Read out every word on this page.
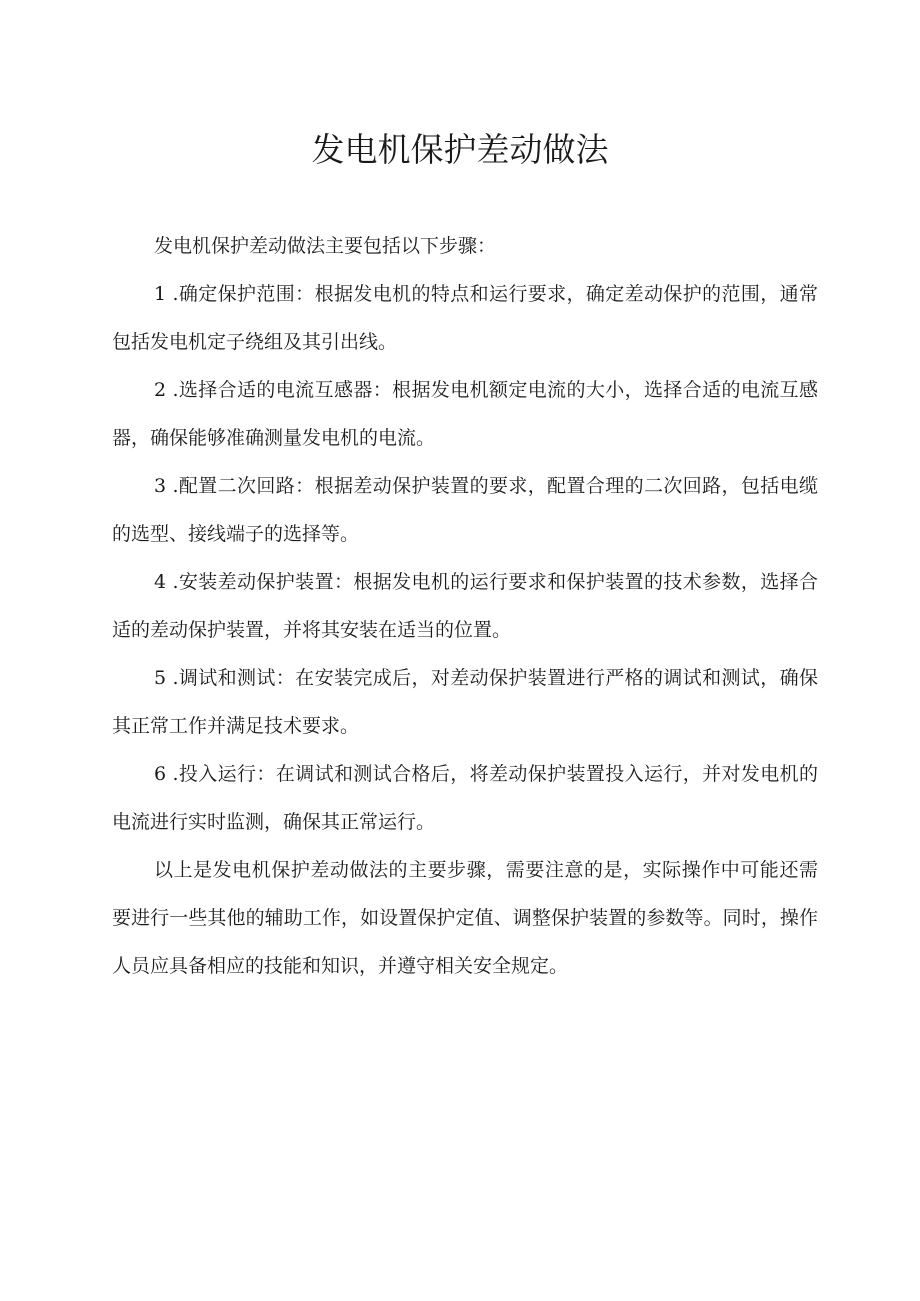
发电机保护差动做法

发电机保护差动做法主要包括以下步骤：

1 .确定保护范围：根据发电机的特点和运行要求，确定差动保护的范围，通常包括发电机定子绕组及其引出线。

2 .选择合适的电流互感器：根据发电机额定电流的大小，选择合适的电流互感器，确保能够准确测量发电机的电流。

3 .配置二次回路：根据差动保护装置的要求，配置合理的二次回路，包括电缆的选型、接线端子的选择等。

4 .安装差动保护装置：根据发电机的运行要求和保护装置的技术参数，选择合适的差动保护装置，并将其安装在适当的位置。

5 .调试和测试：在安装完成后，对差动保护装置进行严格的调试和测试，确保其正常工作并满足技术要求。

6 .投入运行：在调试和测试合格后，将差动保护装置投入运行，并对发电机的电流进行实时监测，确保其正常运行。

以上是发电机保护差动做法的主要步骤，需要注意的是，实际操作中可能还需要进行一些其他的辅助工作，如设置保护定值、调整保护装置的参数等。同时，操作人员应具备相应的技能和知识，并遵守相关安全规定。
